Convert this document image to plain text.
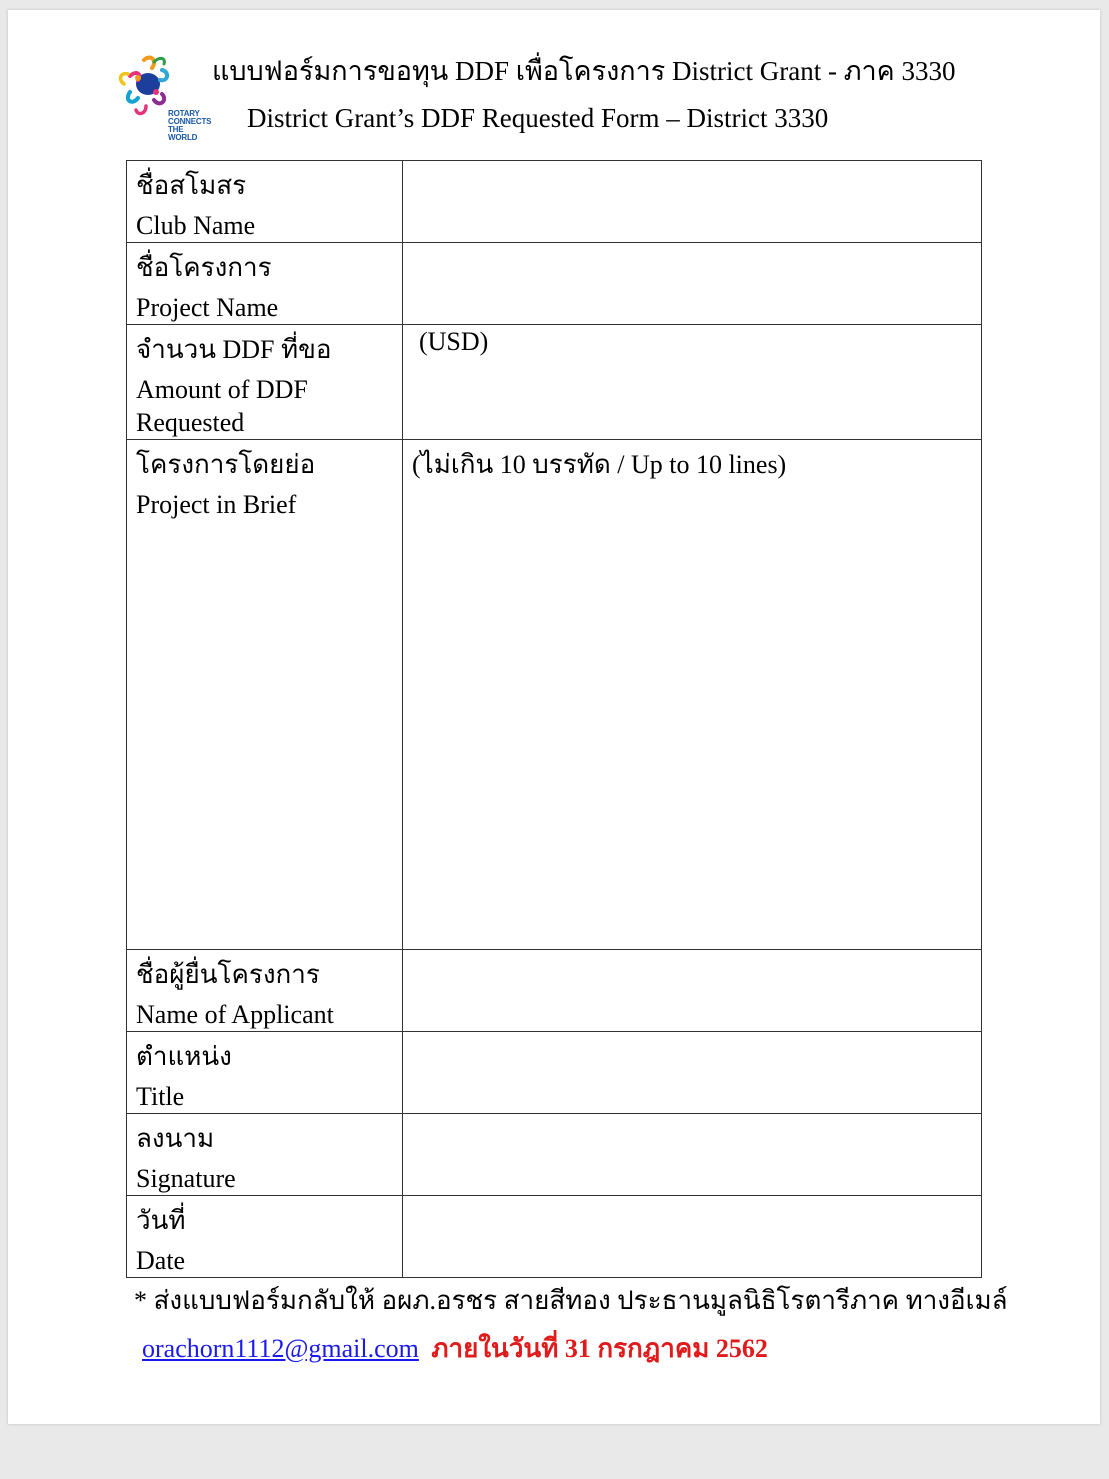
ROTARY
CONNECTS
THE WORLD
แบบฟอร์มการขอทุน DDF เพื่อโครงการ District Grant - ภาค 3330
District Grant’s DDF Requested Form – District 3330
ชื่อสโมสร
Club Name	

ชื่อโครงการ
Project Name	

จำนวน DDF ที่ขอ
Amount of DDF Requested	(USD)

โครงการโดยย่อ
Project in Brief	(ไม่เกิน 10 บรรทัด / Up to 10 lines)

ชื่อผู้ยื่นโครงการ
Name of Applicant	

ตำแหน่ง
Title	

ลงนาม
Signature	

วันที่
Date	

* ส่งแบบฟอร์มกลับให้ อผภ.อรชร สายสีทอง ประธานมูลนิธิโรตารีภาค ทางอีเมล์
orachorn1112@gmail.com ภายในวันที่ 31 กรกฎาคม 2562
